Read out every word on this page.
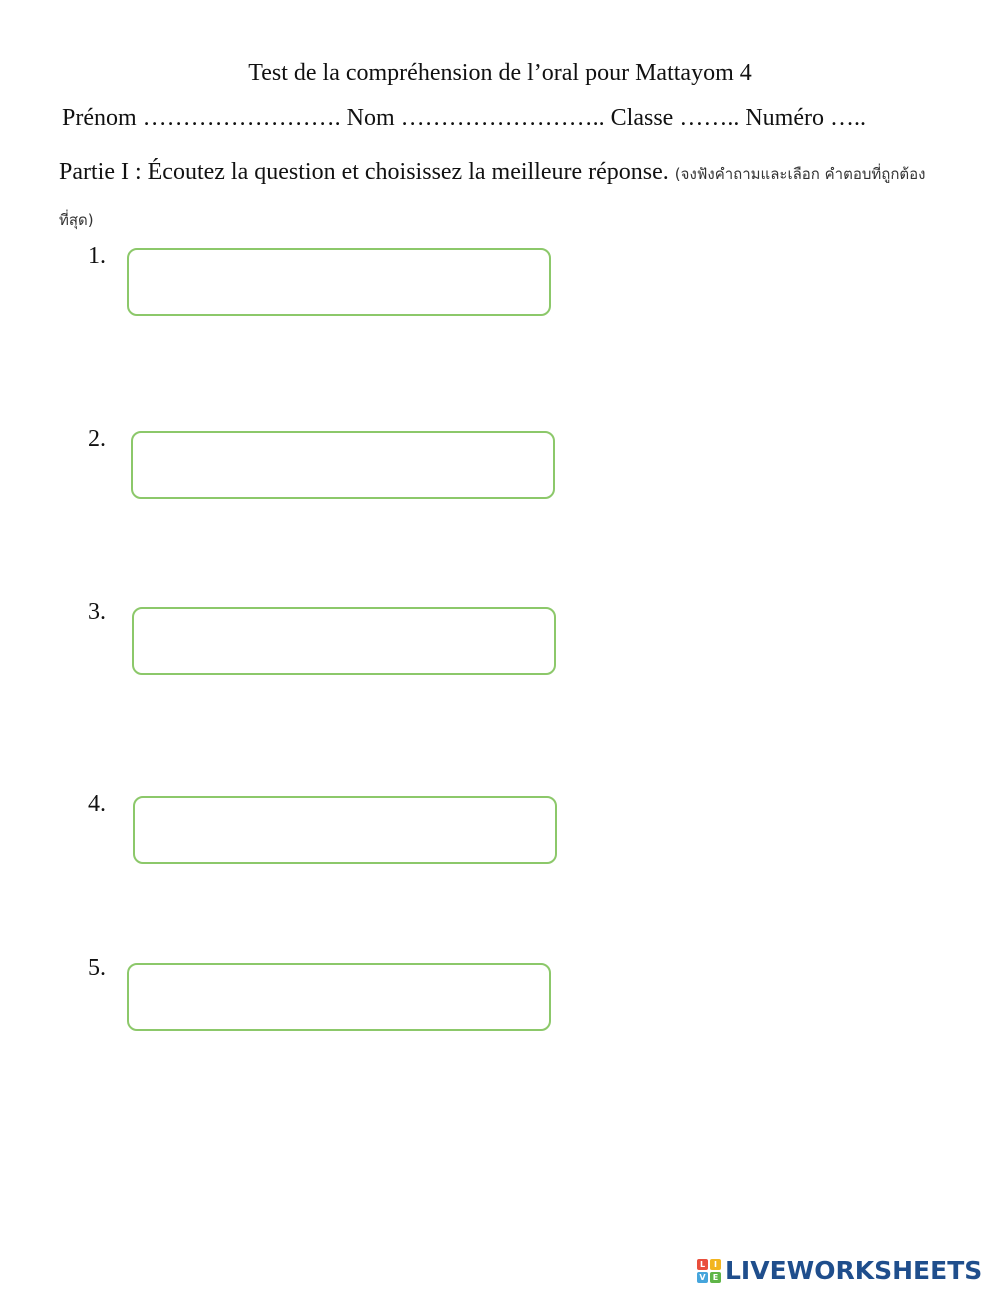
Test de la compréhension de l’oral pour Mattayom 4
Prénom ……………………. Nom …………………….. Classe …….. Numéro …..
Partie I : Écoutez la question et choisissez la meilleure réponse. (จงฟังคำถามและเลือก คำตอบที่ถูกต้องที่สุด)
1.
2.
3.
4.
5.
L	I
V E LIVEWORKSHEETS
